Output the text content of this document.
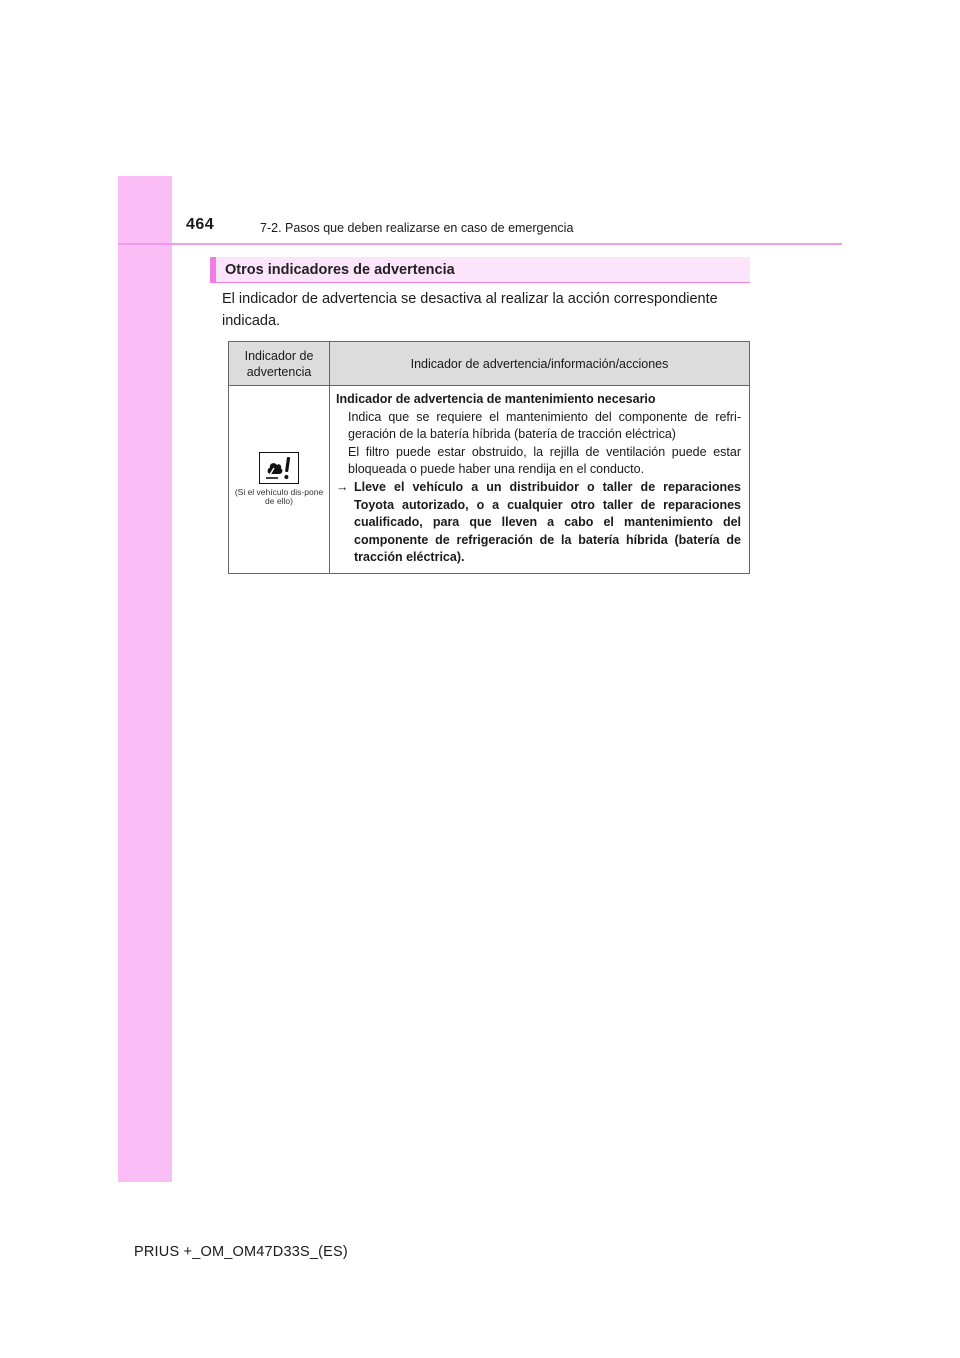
464	7-2. Pasos que deben realizarse en caso de emergencia
Otros indicadores de advertencia

El indicador de advertencia se desactiva al realizar la acción correspondiente indicada.

Indicador de advertencia	Indicador de advertencia/información/acciones

(Si el vehículo dis-pone de ello)	Indicador de advertencia de mantenimiento necesario
Indica que se requiere el mantenimiento del componente de refri-geración de la batería híbrida (batería de tracción eléctrica)
El filtro puede estar obstruido, la rejilla de ventilación puede estar bloqueada o puede haber una rendija en el conducto.
→ Lleve el vehículo a un distribuidor o taller de reparaciones Toyota autorizado, o a cualquier otro taller de reparaciones cualificado, para que lleven a cabo el mantenimiento del componente de refrigeración de la batería híbrida (batería de tracción eléctrica).
PRIUS +_OM_OM47D33S_(ES)
